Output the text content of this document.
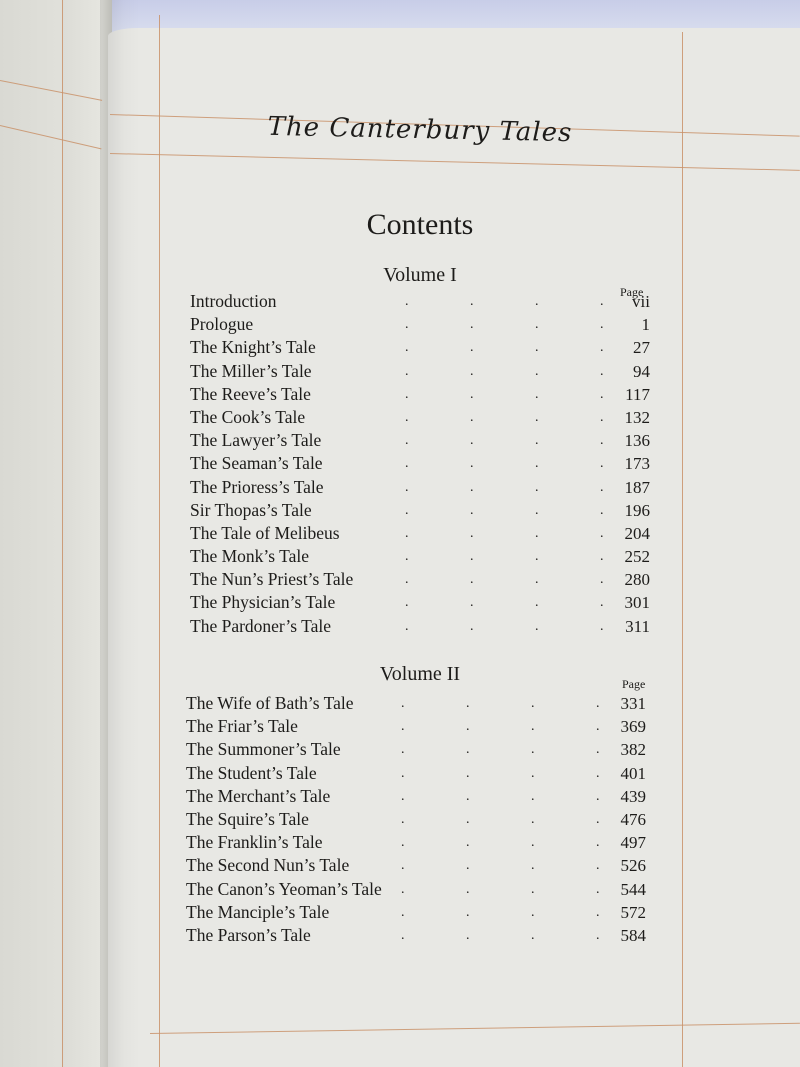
The Canterbury Tales
Contents
Volume I
Page
Introduction	.	.	.	. vii
Prologue	.	.	.	. 1
The Knight’s Tale	.	.	.	. 27
The Miller’s Tale	.	.	.	. 94
The Reeve’s Tale	.	.	.	. 117
The Cook’s Tale	.	.	.	. 132
The Lawyer’s Tale	.	.	.	. 136
The Seaman’s Tale	.	.	.	. 173
The Prioress’s Tale	.	.	.	. 187
Sir Thopas’s Tale	.	.	.	. 196
The Tale of Melibeus	.	.	.	. 204
The Monk’s Tale	.	.	.	. 252
The Nun’s Priest’s Tale	.	.	.	. 280
The Physician’s Tale	.	.	.	. 301
The Pardoner’s Tale	.	.	.	. 311
Volume II	Page
The Wife of Bath’s Tale	.	.	.	. 331
The Friar’s Tale	.	.	.	. 369
The Summoner’s Tale	.	.	.	. 382
The Student’s Tale	.	.	.	. 401
The Merchant’s Tale	.	.	.	. 439
The Squire’s Tale	.	.	.	. 476
The Franklin’s Tale	.	.	.	. 497
The Second Nun’s Tale	.	.	.	. 526
The Canon’s Yeoman’s Tale .	.	.	. 544
The Manciple’s Tale	.	.	.	. 572
The Parson’s Tale	.	.	.	. 584
